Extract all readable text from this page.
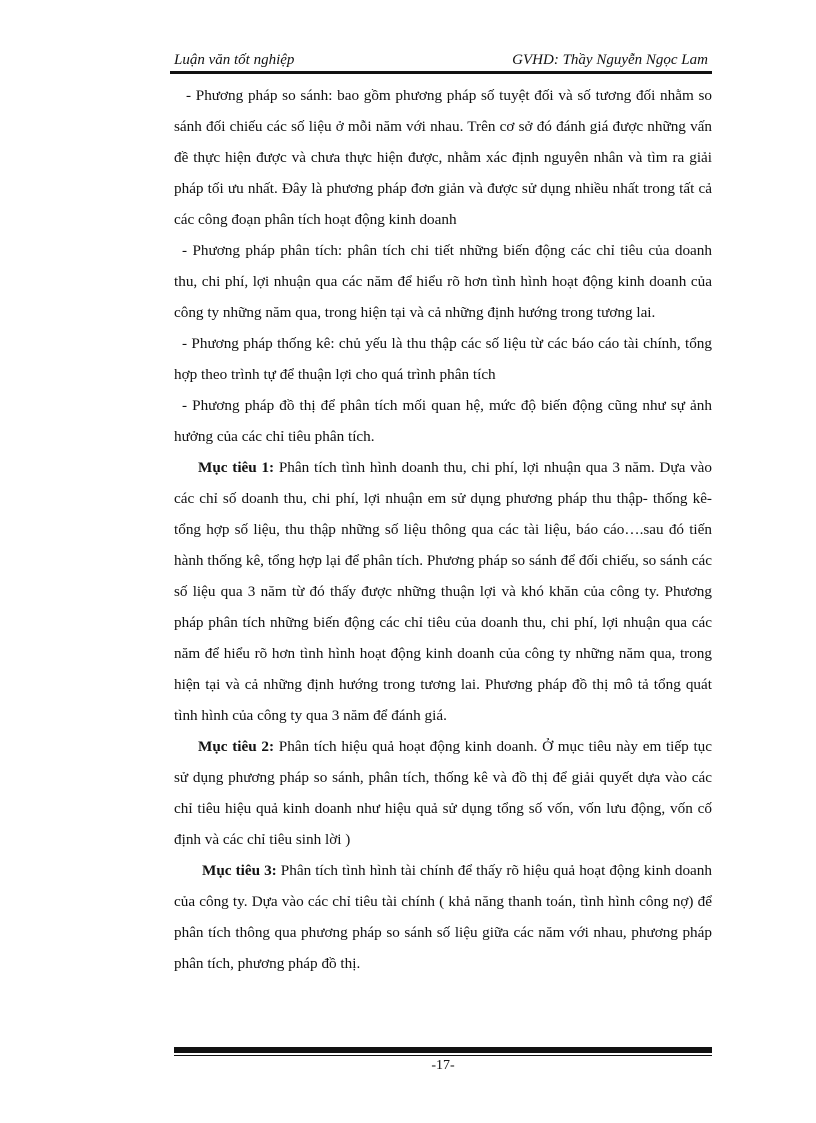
Luận văn tốt nghiệp	GVHD: Thầy Nguyễn Ngọc Lam

- Phương pháp so sánh: bao gồm phương pháp số tuyệt đối và số tương đối nhằm so sánh đối chiếu các số liệu ở mỗi năm với nhau. Trên cơ sở đó đánh giá được những vấn đề thực hiện được và chưa thực hiện được, nhằm xác định nguyên nhân và tìm ra giải pháp tối ưu nhất. Đây là phương pháp đơn giản và được sử dụng nhiều nhất trong tất cả các công đoạn phân tích hoạt động kinh doanh

- Phương pháp phân tích: phân tích chi tiết những biến động các chỉ tiêu của doanh thu, chi phí, lợi nhuận qua các năm để hiểu rõ hơn tình hình hoạt động kinh doanh của công ty những năm qua, trong hiện tại và cả những định hướng trong tương lai.

- Phương pháp thống kê: chủ yếu là thu thập các số liệu từ các báo cáo tài chính, tổng hợp theo trình tự để thuận lợi cho quá trình phân tích

- Phương pháp đồ thị để phân tích mối quan hệ, mức độ biến động cũng như sự ảnh hưởng của các chỉ tiêu phân tích.

Mục tiêu 1: Phân tích tình hình doanh thu, chi phí, lợi nhuận qua 3 năm. Dựa vào các chỉ số doanh thu, chi phí, lợi nhuận em sử dụng phương pháp thu thập- thống kê- tổng hợp số liệu, thu thập những số liệu thông qua các tài liệu, báo cáo….sau đó tiến hành thống kê, tổng hợp lại để phân tích. Phương pháp so sánh để đối chiếu, so sánh các số liệu qua 3 năm từ đó thấy được những thuận lợi và khó khăn của công ty. Phương pháp phân tích những biến động các chỉ tiêu của doanh thu, chi phí, lợi nhuận qua các năm để hiểu rõ hơn tình hình hoạt động kinh doanh của công ty những năm qua, trong hiện tại và cả những định hướng trong tương lai. Phương pháp đồ thị mô tả tổng quát tình hình của công ty qua 3 năm để đánh giá.

Mục tiêu 2: Phân tích hiệu quả hoạt động kinh doanh. Ở mục tiêu này em tiếp tục sử dụng phương pháp so sánh, phân tích, thống kê và đồ thị để giải quyết dựa vào các chỉ tiêu hiệu quả kinh doanh như hiệu quả sử dụng tổng số vốn, vốn lưu động, vốn cố định và các chỉ tiêu sinh lời )

Mục tiêu 3: Phân tích tình hình tài chính để thấy rõ hiệu quả hoạt động kinh doanh của công ty. Dựa vào các chỉ tiêu tài chính ( khả năng thanh toán, tình hình công nợ) để phân tích thông qua phương pháp so sánh số liệu giữa các năm với nhau, phương pháp phân tích, phương pháp đồ thị.

-17-
